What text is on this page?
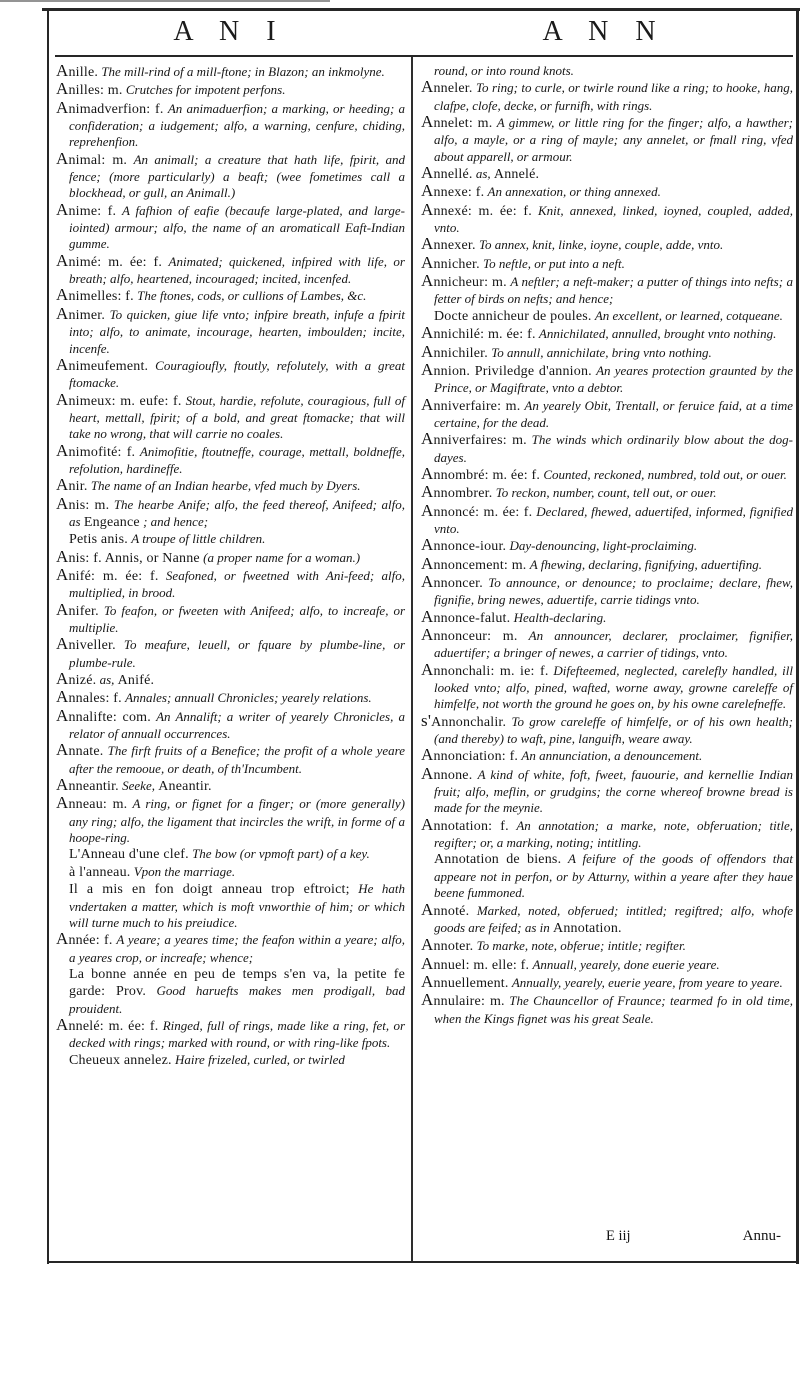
A N I	A N N

Anille. The mill-rind of a mill-ftone; in Blazon; an inkmolyne.

Anilles: m. Crutches for impotent perfons.

Animadverfion: f. An animaduerfion; a marking, or heeding; a confideration; a iudgement; alfo, a warning, cenfure, chiding, reprehenfion.

Animal: m. An animall; a creature that hath life, fpirit, and fence; (more particularly) a beaft; (wee fometimes call a blockhead, or gull, an Animall.)

Anime: f. A fafhion of eafie (becaufe large-plated, and large-iointed) armour; alfo, the name of an aromaticall Eaft-Indian gumme.

Animé: m. ée: f. Animated; quickened, infpired with life, or breath; alfo, heartened, incouraged; incited, incenfed.

Animelles: f. The ftones, cods, or cullions of Lambes, &c.

Animer. To quicken, giue life vnto; infpire breath, infufe a fpirit into; alfo, to animate, incourage, hearten, imboulden; incite, incenfe.

Animeufement. Couragioufly, ftoutly, refolutely, with a great ftomacke.

Animeux: m. eufe: f. Stout, hardie, refolute, couragious, full of heart, mettall, fpirit; of a bold, and great ftomacke; that will take no wrong, that will carrie no coales.

Animofité: f. Animofitie, ftoutneffe, courage, mettall, boldneffe, refolution, hardineffe.

Anir. The name of an Indian hearbe, vfed much by Dyers.

Anis: m. The hearbe Anife; alfo, the feed thereof, Anifeed; alfo, as Engeance ; and hence;

Petis anis. A troupe of little children.

Anis: f. Annis, or Nanne (a proper name for a woman.)

Anifé: m. ée: f. Seafoned, or fweetned with Ani-feed; alfo, multiplied, in brood.

Anifer. To feafon, or fweeten with Anifeed; alfo, to increafe, or multiplie.

Aniveller. To meafure, leuell, or fquare by plumbe-line, or plumbe-rule.

Anizé. as, Anifé.

Annales: f. Annales; annuall Chronicles; yearely relations.

Annalifte: com. An Annalift; a writer of yearely Chronicles, a relator of annuall occurrences.

Annate. The firft fruits of a Benefice; the profit of a whole yeare after the remooue, or death, of th'Incumbent.

Anneantir. Seeke, Aneantir.

Anneau: m. A ring, or fignet for a finger; or (more generally) any ring; alfo, the ligament that incircles the wrift, in forme of a hoope-ring.

L'Anneau d'une clef. The bow (or vpmoft part) of a key.

à l'anneau. Vpon the marriage.

Il a mis en fon doigt anneau trop eftroict; He hath vndertaken a matter, which is moft vnworthie of him; or which will turne much to his preiudice.

Année: f. A yeare; a yeares time; the feafon within a yeare; alfo, a yeares crop, or increafe; whence;

La bonne année en peu de temps s'en va, la petite fe garde: Prov. Good haruefts makes men prodigall, bad prouident.

Annelé: m. ée: f. Ringed, full of rings, made like a ring, fet, or decked with rings; marked with round, or with ring-like fpots.

Cheueux annelez. Haire frizeled, curled, or twirled

round, or into round knots.

Anneler. To ring; to curle, or twirle round like a ring; to hooke, hang, clafpe, clofe, decke, or furnifh, with rings.

Annelet: m. A gimmew, or little ring for the finger; alfo, a hawther; alfo, a mayle, or a ring of mayle; any annelet, or fmall ring, vfed about apparell, or armour.

Annellé. as, Annelé.

Annexe: f. An annexation, or thing annexed.

Annexé: m. ée: f. Knit, annexed, linked, ioyned, coupled, added, vnto.

Annexer. To annex, knit, linke, ioyne, couple, adde, vnto.

Annicher. To neftle, or put into a neft.

Annicheur: m. A neftler; a neft-maker; a putter of things into nefts; a fetter of birds on nefts; and hence;

Docte annicheur de poules. An excellent, or learned, cotqueane.

Annichilé: m. ée: f. Annichilated, annulled, brought vnto nothing.

Annichiler. To annull, annichilate, bring vnto nothing.

Annion. Priviledge d'annion. An yeares protection graunted by the Prince, or Magiftrate, vnto a debtor.

Anniverfaire: m. An yearely Obit, Trentall, or feruice faid, at a time certaine, for the dead.

Anniverfaires: m. The winds which ordinarily blow about the dog-dayes.

Annombré: m. ée: f. Counted, reckoned, numbred, told out, or ouer.

Annombrer. To reckon, number, count, tell out, or ouer.

Annoncé: m. ée: f. Declared, fhewed, aduertifed, informed, fignified vnto.

Annonce-iour. Day-denouncing, light-proclaiming.

Annoncement: m. A fhewing, declaring, fignifying, aduertifing.

Annoncer. To announce, or denounce; to proclaime; declare, fhew, fignifie, bring newes, aduertife, carrie tidings vnto.

Annonce-falut. Health-declaring.

Annonceur: m. An announcer, declarer, proclaimer, fignifier, aduertifer; a bringer of newes, a carrier of tidings, vnto.

Annonchali: m. ie: f. Difefteemed, neglected, carelefly handled, ill looked vnto; alfo, pined, wafted, worne away, growne careleffe of himfelfe, not worth the ground he goes on, by his owne carelefneffe.

s'Annonchalir. To grow careleffe of himfelfe, or of his own health; (and thereby) to waft, pine, languifh, weare away.

Annonciation: f. An annunciation, a denouncement.

Annone. A kind of white, foft, fweet, fauourie, and kernellie Indian fruit; alfo, meflin, or grudgins; the corne whereof browne bread is made for the meynie.

Annotation: f. An annotation; a marke, note, obferuation; title, regifter; or, a marking, noting; intitling.

Annotation de biens. A feifure of the goods of offendors that appeare not in perfon, or by Atturny, within a yeare after they haue beene fummoned.

Annoté. Marked, noted, obferued; intitled; regiftred; alfo, whofe goods are feifed; as in Annotation.

Annoter. To marke, note, obferue; intitle; regifter.

Annuel: m. elle: f. Annuall, yearely, done euerie yeare.

Annuellement. Annually, yearely, euerie yeare, from yeare to yeare.

Annulaire: m. The Chauncellor of Fraunce; tearmed fo in old time, when the Kings fignet was his great Seale.

E iij	Annu-
